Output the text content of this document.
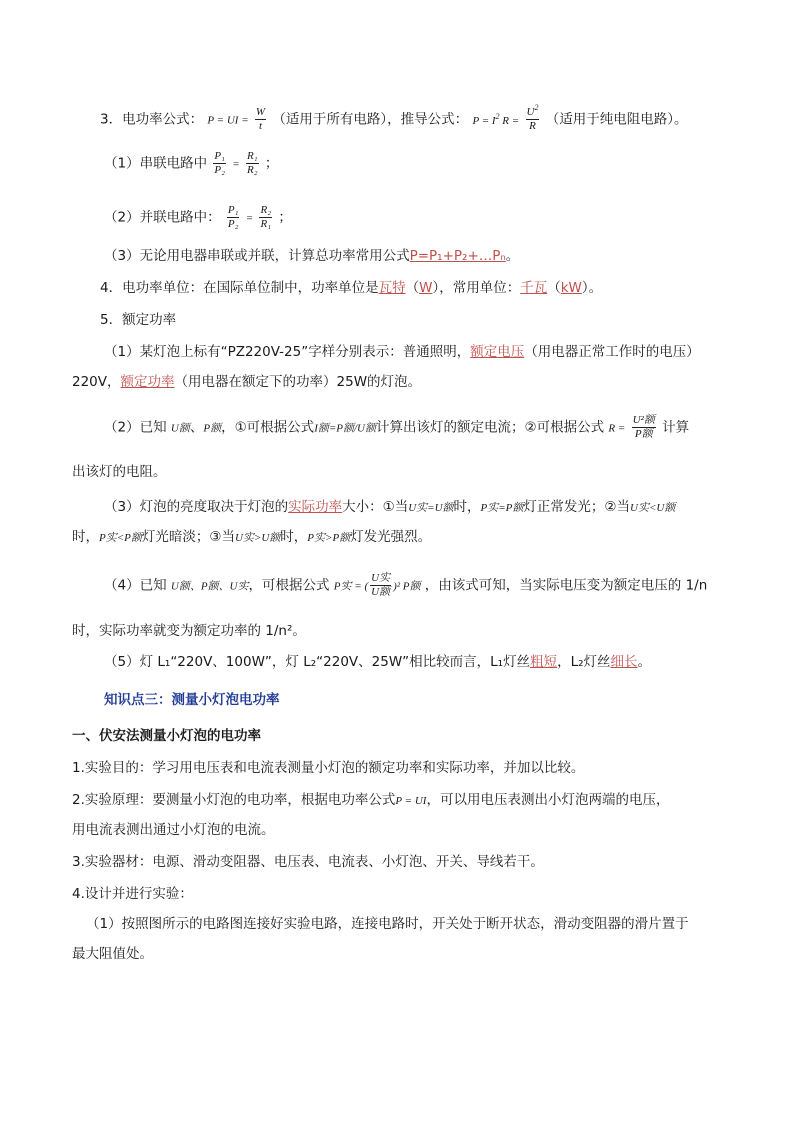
3．电功率公式： P = UI = $\frac{W}{t}$ （适用于所有电路），推导公式： $P = I^2$ $R = \frac{U^2}{R}$ （适用于纯电阻电路）。
（1）串联电路中 $\frac{\text{P₁}}{\text{P₂}} = \frac{\text{R₁}}{\text{R₂}}$ ；
（2）并联电路中： $\frac{\text{P₁}}{\text{P₂}} = \frac{\text{R₂}}{\text{R₁}}$ ；
（3）无论用电器串联或并联，计算总功率常用公式P=P₁+P₂+…Pₙ。
4．电功率单位：在国际单位制中，功率单位是瓦特（W），常用单位：千瓦（kW）。
5．额定功率
（1）某灯泡上标有“PZ220V-25”字样分别表示：普通照明，额定电压（用电器正常工作时的电压）
220V，额定功率（用电器在额定下的功率）25W的灯泡。
（2）已知 U额、P额，①可根据公式I额=P额/U额计算出该灯的额定电流；②可根据公式 $R = \frac{\text{U²额}}{\text{P额}}$ 计算
出该灯的电阻。
（3）灯泡的亮度取决于灯泡的实际功率大小：①当U实=U额时，P实=P额灯正常发光；②当U实<U额
时，P实<P额灯光暗淡；③当U实>U额时，P实>P额灯发光强烈。
（4）已知 U额、P额、U实，可根据公式 P实 = ( $\frac{\text{U实}}{\text{U额}} )^2$ P额 ，由该式可知，当实际电压变为额定电压的 1/n
时，实际功率就变为额定功率的 1/n²。
（5）灯 L₁“220V、100W”，灯 L₂“220V、25W”相比较而言，L₁灯丝粗短，L₂灯丝细长。
知识点三：测量小灯泡电功率
一、伏安法测量小灯泡的电功率
1.实验目的：学习用电压表和电流表测量小灯泡的额定功率和实际功率，并加以比较。
2.实验原理：要测量小灯泡的电功率，根据电功率公式P = UI，可以用电压表测出小灯泡两端的电压，
用电流表测出通过小灯泡的电流。
3.实验器材：电源、滑动变阻器、电压表、电流表、小灯泡、开关、导线若干。
4.设计并进行实验：
（1）按照图所示的电路图连接好实验电路，连接电路时，开关处于断开状态，滑动变阻器的滑片置于
最大阻值处。
